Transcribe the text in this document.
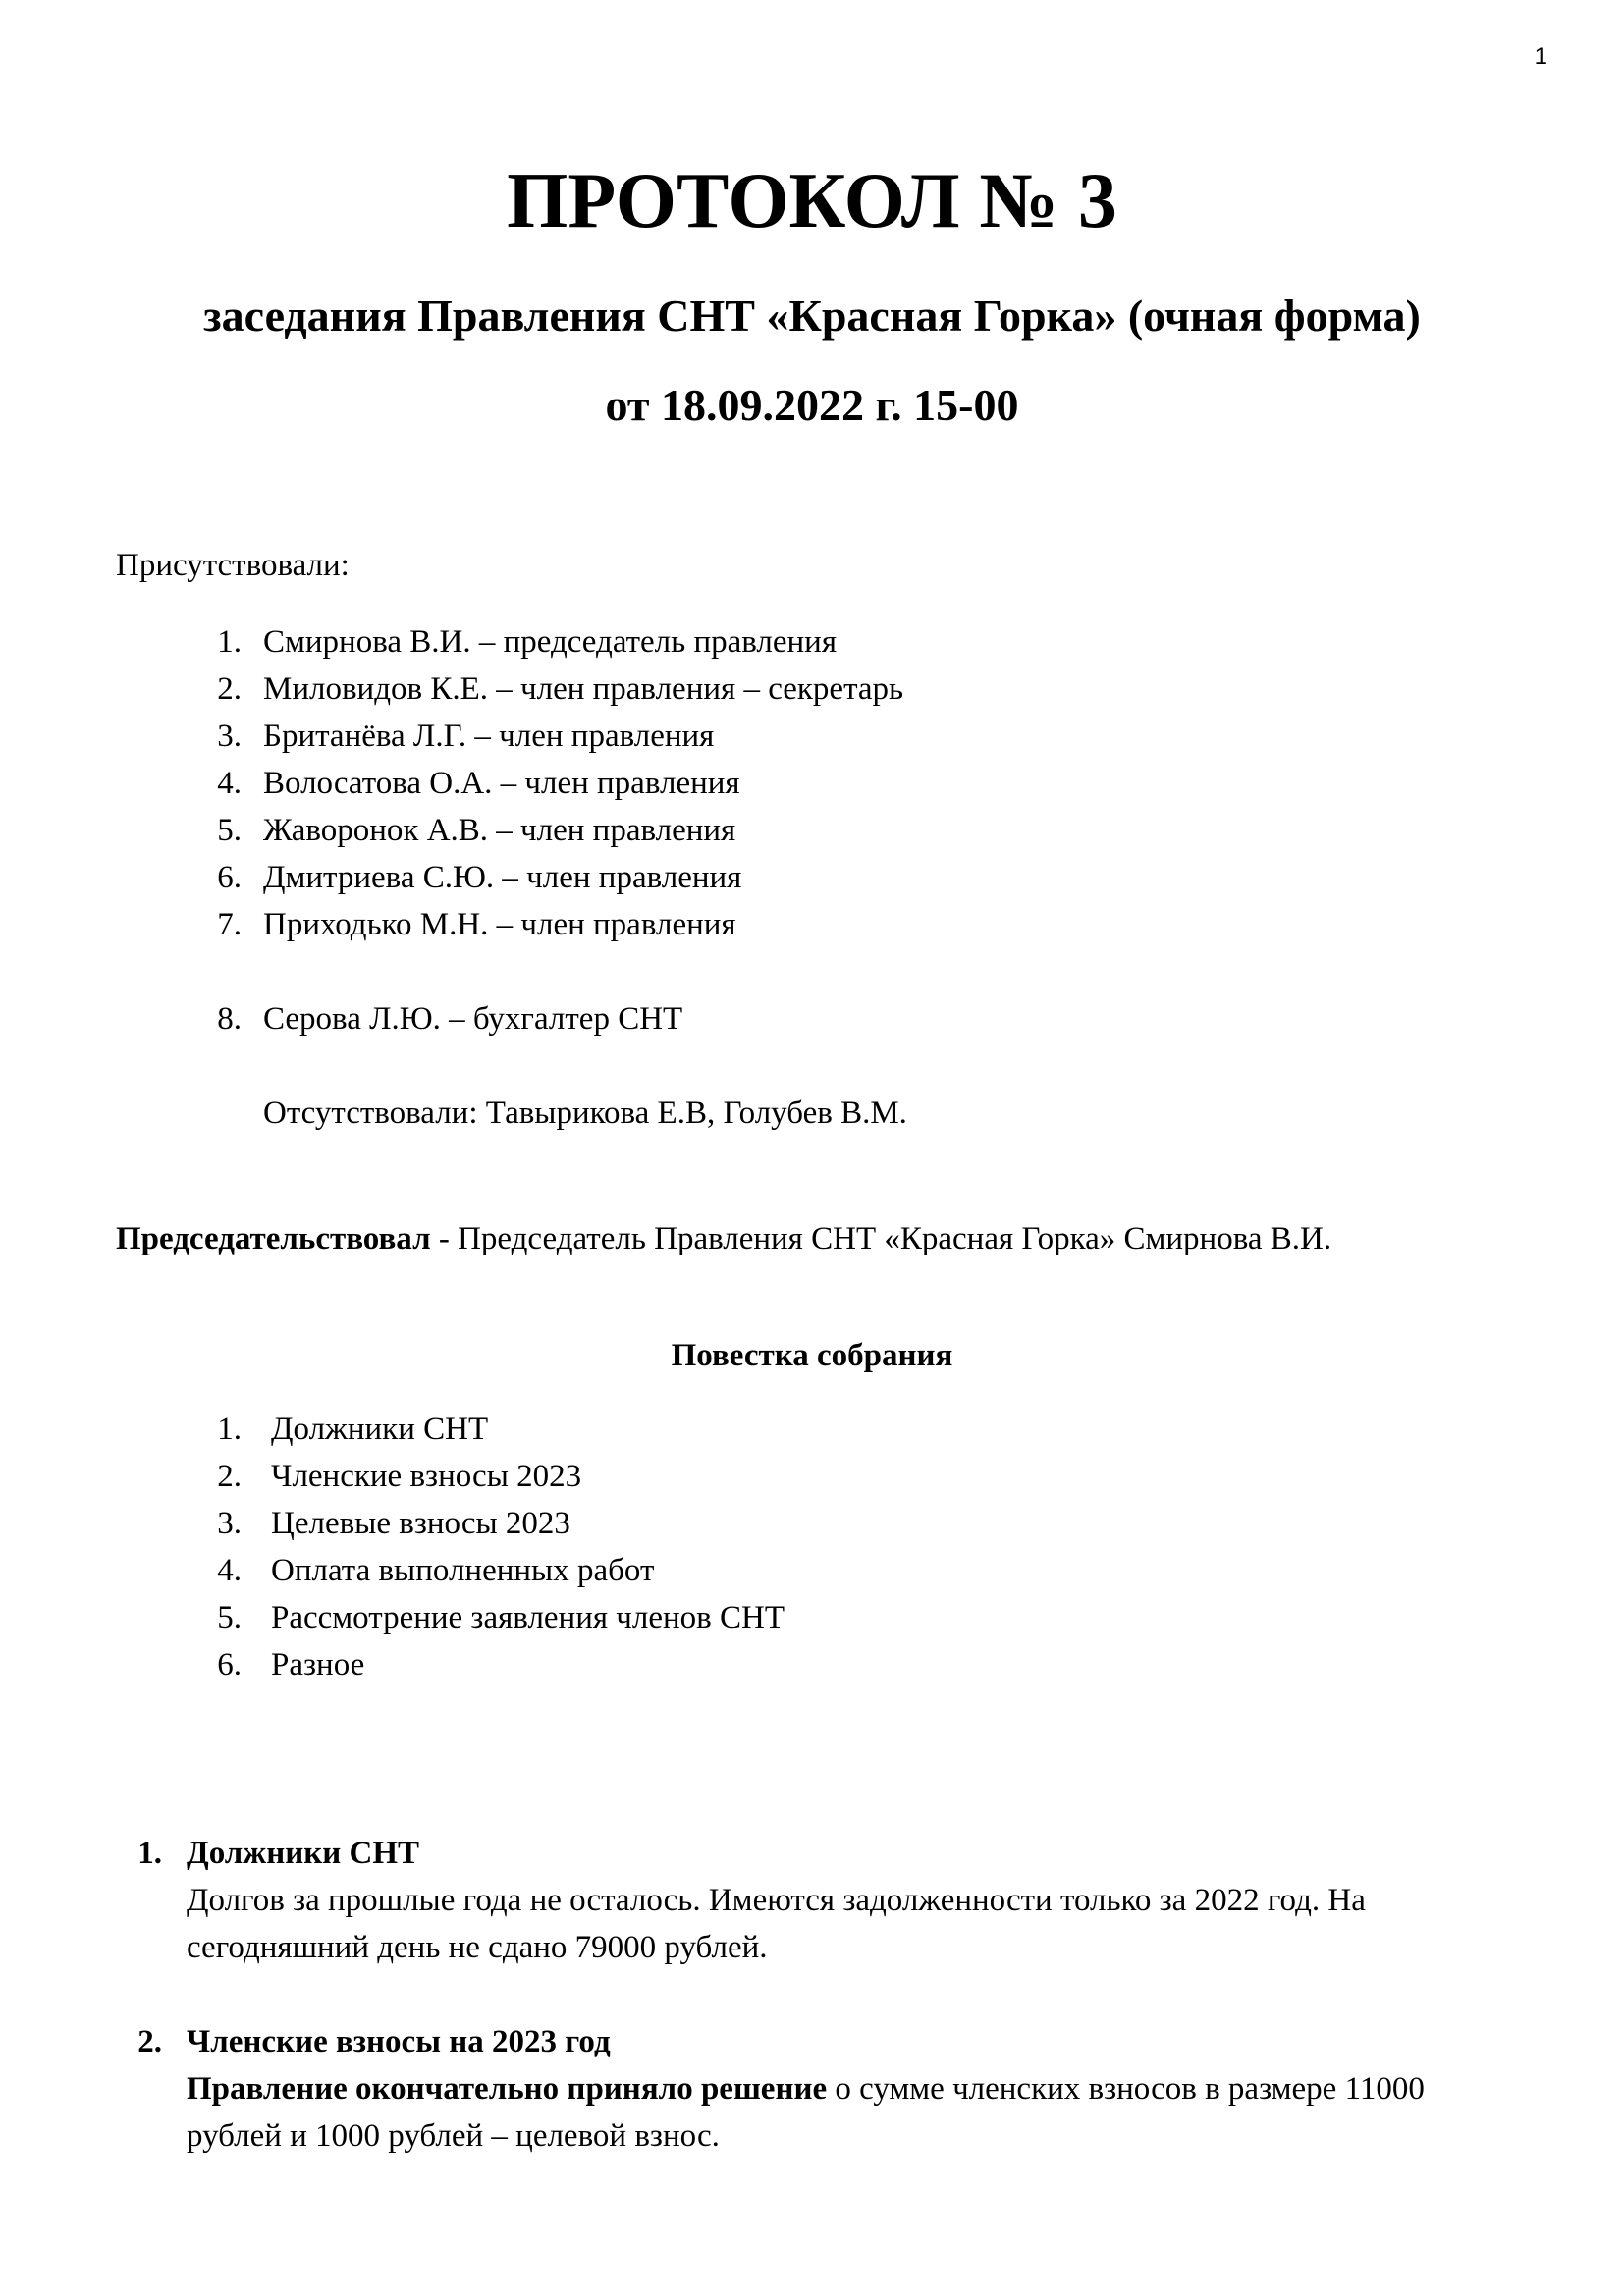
1
ПРОТОКОЛ № 3
заседания Правления СНТ «Красная Горка» (очная форма)
от 18.09.2022 г. 15-00
Присутствовали:
1. Смирнова В.И. – председатель правления
2. Миловидов К.Е. – член правления – секретарь
3. Британёва Л.Г. – член правления
4. Волосатова О.А. – член правления
5. Жаворонок А.В. – член правления
6. Дмитриева С.Ю. – член правления
7. Приходько М.Н. – член правления
8. Серова Л.Ю. – бухгалтер СНТ
Отсутствовали: Тавырикова Е.В, Голубев В.М.
Председательствовал - Председатель Правления СНТ «Красная Горка» Смирнова В.И.
Повестка собрания
1. Должники СНТ
2. Членские взносы 2023
3. Целевые взносы 2023
4. Оплата выполненных работ
5. Рассмотрение заявления членов СНТ
6. Разное
1. Должники СНТ
Долгов за прошлые года не осталось. Имеются задолженности только за 2022 год. На
сегодняшний день не сдано 79000 рублей.
2. Членские взносы на 2023 год
Правление окончательно приняло решение о сумме членских взносов в размере 11000
рублей и 1000 рублей – целевой взнос.
